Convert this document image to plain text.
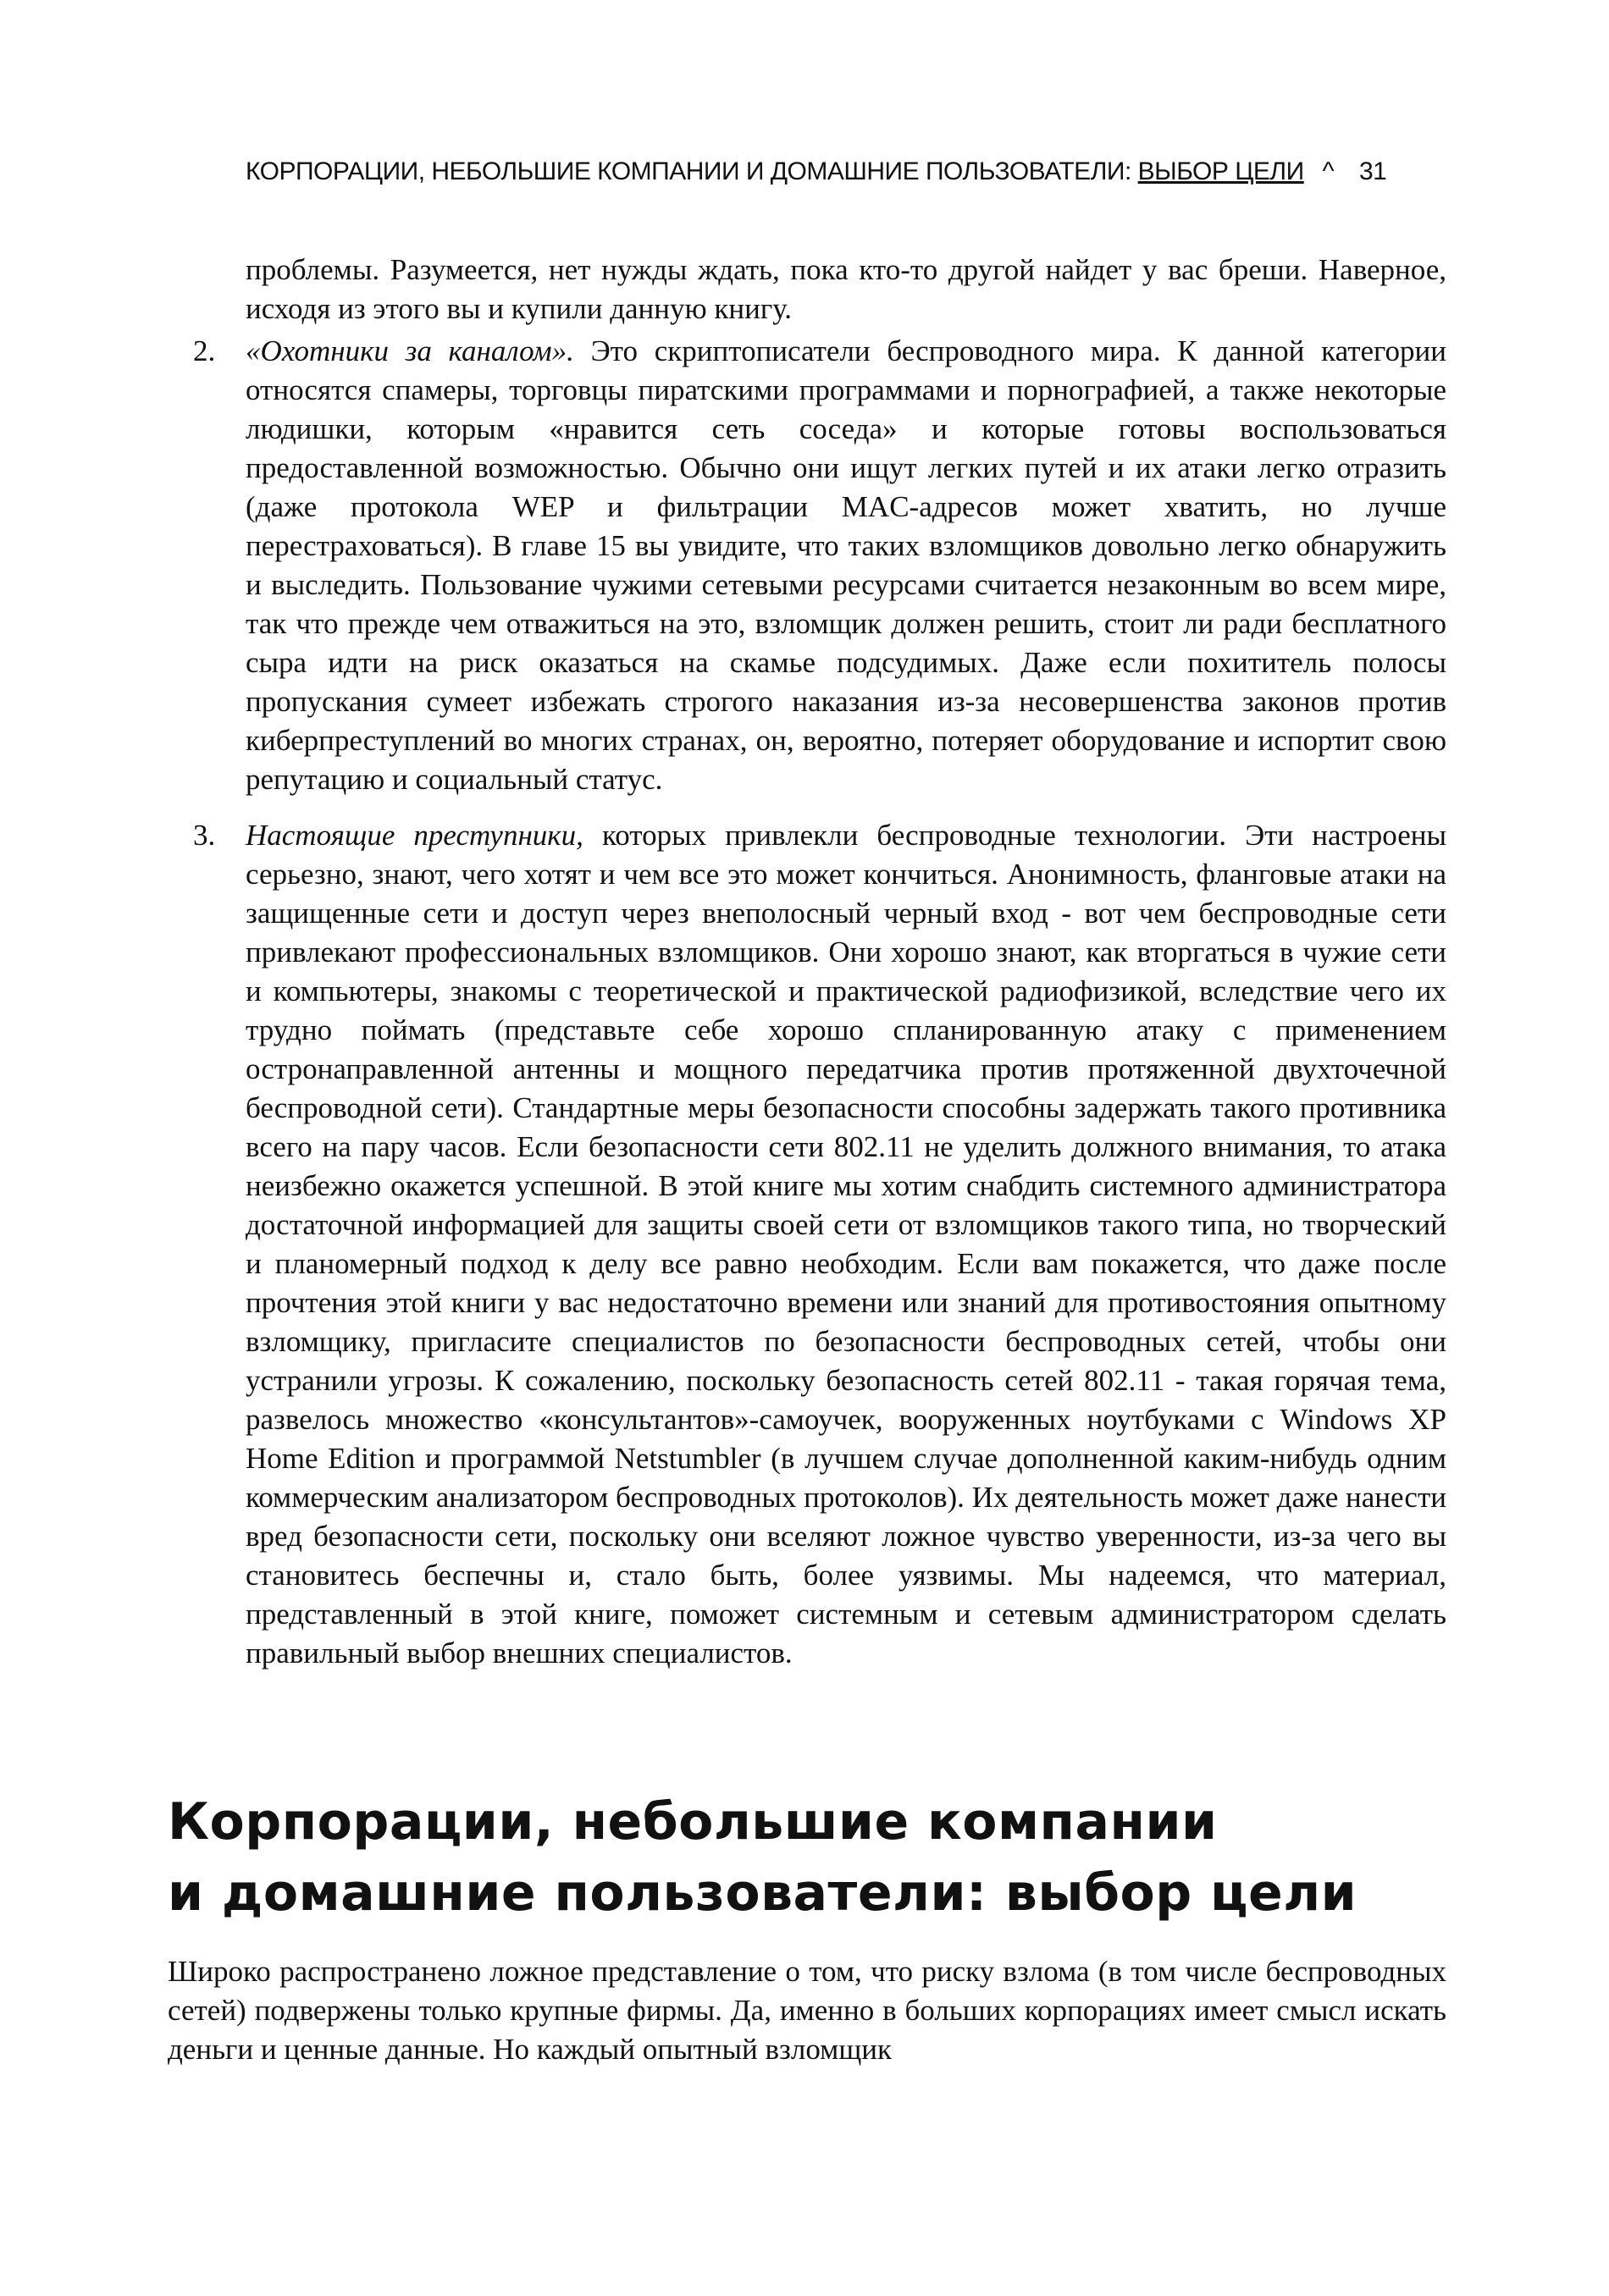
КОРПОРАЦИИ, НЕБОЛЬШИЕ КОМПАНИИ И ДОМАШНИЕ ПОЛЬЗОВАТЕЛИ: ВЫБОР ЦЕЛИ ^ 31

проблемы. Разумеется, нет нужды ждать, пока кто-то другой найдет у вас бреши. Наверное, исходя из этого вы и купили данную книгу.

2.	«Охотники за каналом». Это скриптописатели беспроводного мира. К данной категории относятся спамеры, торговцы пиратскими программами и порнографией, а также некоторые людишки, которым «нравится сеть соседа» и которые готовы воспользоваться предоставленной возможностью. Обычно они ищут легких путей и их атаки легко отразить (даже протокола WEP и фильтрации MAC-адресов может хватить, но лучше перестраховаться). В главе 15 вы увидите, что таких взломщиков довольно легко обнаружить и выследить. Пользование чужими сетевыми ресурсами считается незаконным во всем мире, так что прежде чем отважиться на это, взломщик должен решить, стоит ли ради бесплатного сыра идти на риск оказаться на скамье подсудимых. Даже если похититель полосы пропускания сумеет избежать строгого наказания из-за несовершенства законов против киберпреступлений во многих странах, он, вероятно, потеряет оборудование и испортит свою репутацию и социальный статус.

3.	Настоящие преступники, которых привлекли беспроводные технологии. Эти настроены серьезно, знают, чего хотят и чем все это может кончиться. Анонимность, фланговые атаки на защищенные сети и доступ через внеполосный черный вход - вот чем беспроводные сети привлекают профессиональных взломщиков. Они хорошо знают, как вторгаться в чужие сети и компьютеры, знакомы с теоретической и практической радиофизикой, вследствие чего их трудно поймать (представьте себе хорошо спланированную атаку с применением остронаправленной антенны и мощного передатчика против протяженной двухточечной беспроводной сети). Стандартные меры безопасности способны задержать такого противника всего на пару часов. Если безопасности сети 802.11 не уделить должного внимания, то атака неизбежно окажется успешной. В этой книге мы хотим снабдить системного администратора достаточной информацией для защиты своей сети от взломщиков такого типа, но творческий и планомерный подход к делу все равно необходим. Если вам покажется, что даже после прочтения этой книги у вас недостаточно времени или знаний для противостояния опытному взломщику, пригласите специалистов по безопасности беспроводных сетей, чтобы они устранили угрозы. К сожалению, поскольку безопасность сетей 802.11 - такая горячая тема, развелось множество «консультантов»-самоучек, вооруженных ноутбуками с Windows XP Home Edition и программой Netstumbler (в лучшем случае дополненной каким-нибудь одним коммерческим анализатором беспроводных протоколов). Их деятельность может даже нанести вред безопасности сети, поскольку они вселяют ложное чувство уверенности, из-за чего вы становитесь беспечны и, стало быть, более уязвимы. Мы надеемся, что материал, представленный в этой книге, поможет системным и сетевым администратором сделать правильный выбор внешних специалистов.

Корпорации, небольшие компании
и домашние пользователи: выбор цели

Широко распространено ложное представление о том, что риску взлома (в том числе беспроводных сетей) подвержены только крупные фирмы. Да, именно в больших корпорациях имеет смысл искать деньги и ценные данные. Но каждый опытный взломщик
